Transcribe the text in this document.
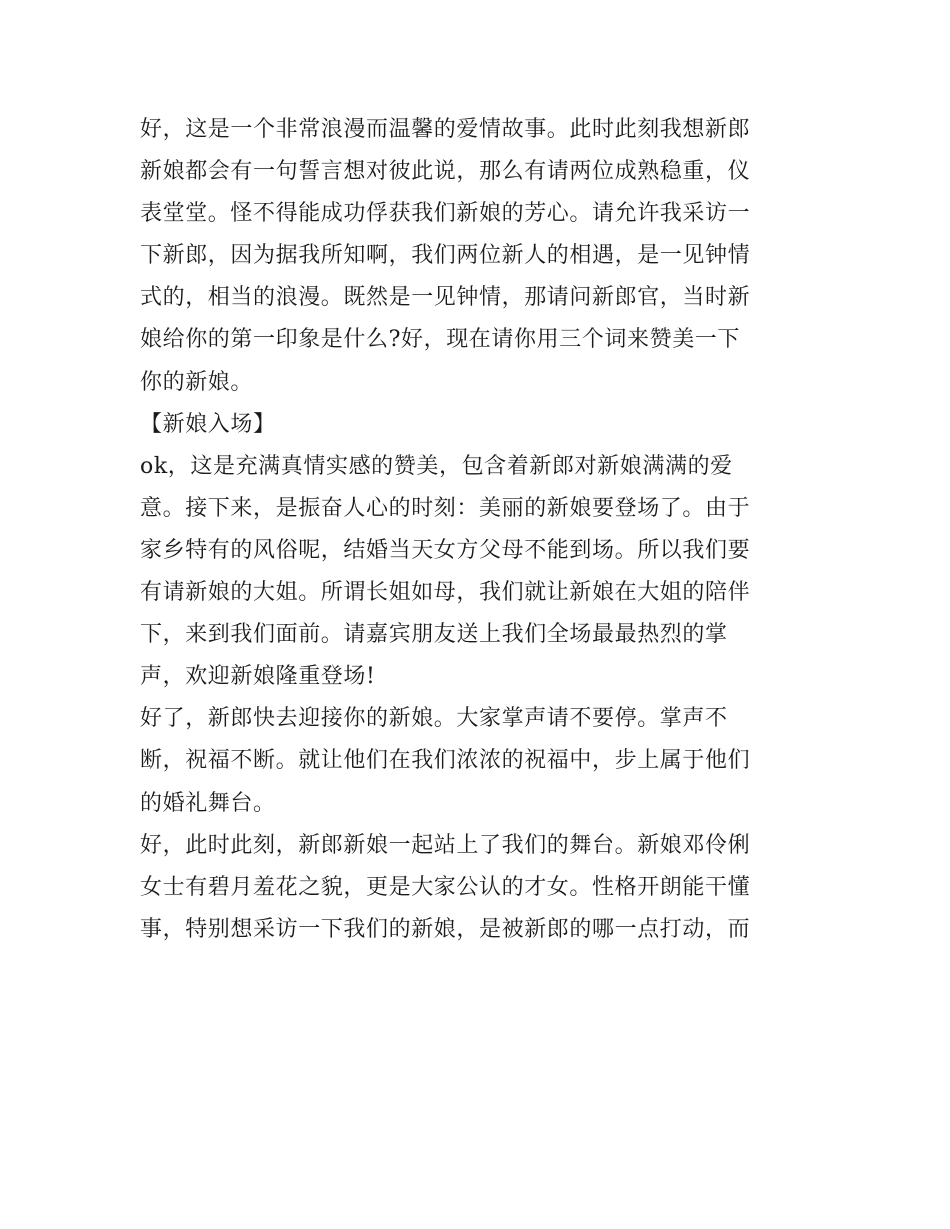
好，这是一个非常浪漫而温馨的爱情故事。此时此刻我想新郎
新娘都会有一句誓言想对彼此说，那么有请两位成熟稳重，仪
表堂堂。怪不得能成功俘获我们新娘的芳心。请允许我采访一
下新郎，因为据我所知啊，我们两位新人的相遇，是一见钟情
式的，相当的浪漫。既然是一见钟情，那请问新郎官，当时新
娘给你的第一印象是什么?好，现在请你用三个词来赞美一下
你的新娘。
【新娘入场】
ok，这是充满真情实感的赞美，包含着新郎对新娘满满的爱
意。接下来，是振奋人心的时刻：美丽的新娘要登场了。由于
家乡特有的风俗呢，结婚当天女方父母不能到场。所以我们要
有请新娘的大姐。所谓长姐如母，我们就让新娘在大姐的陪伴
下，来到我们面前。请嘉宾朋友送上我们全场最最热烈的掌
声，欢迎新娘隆重登场!
好了，新郎快去迎接你的新娘。大家掌声请不要停。掌声不
断，祝福不断。就让他们在我们浓浓的祝福中，步上属于他们
的婚礼舞台。
好，此时此刻，新郎新娘一起站上了我们的舞台。新娘邓伶俐
女士有碧月羞花之貌，更是大家公认的才女。性格开朗能干懂
事，特别想采访一下我们的新娘，是被新郎的哪一点打动，而
